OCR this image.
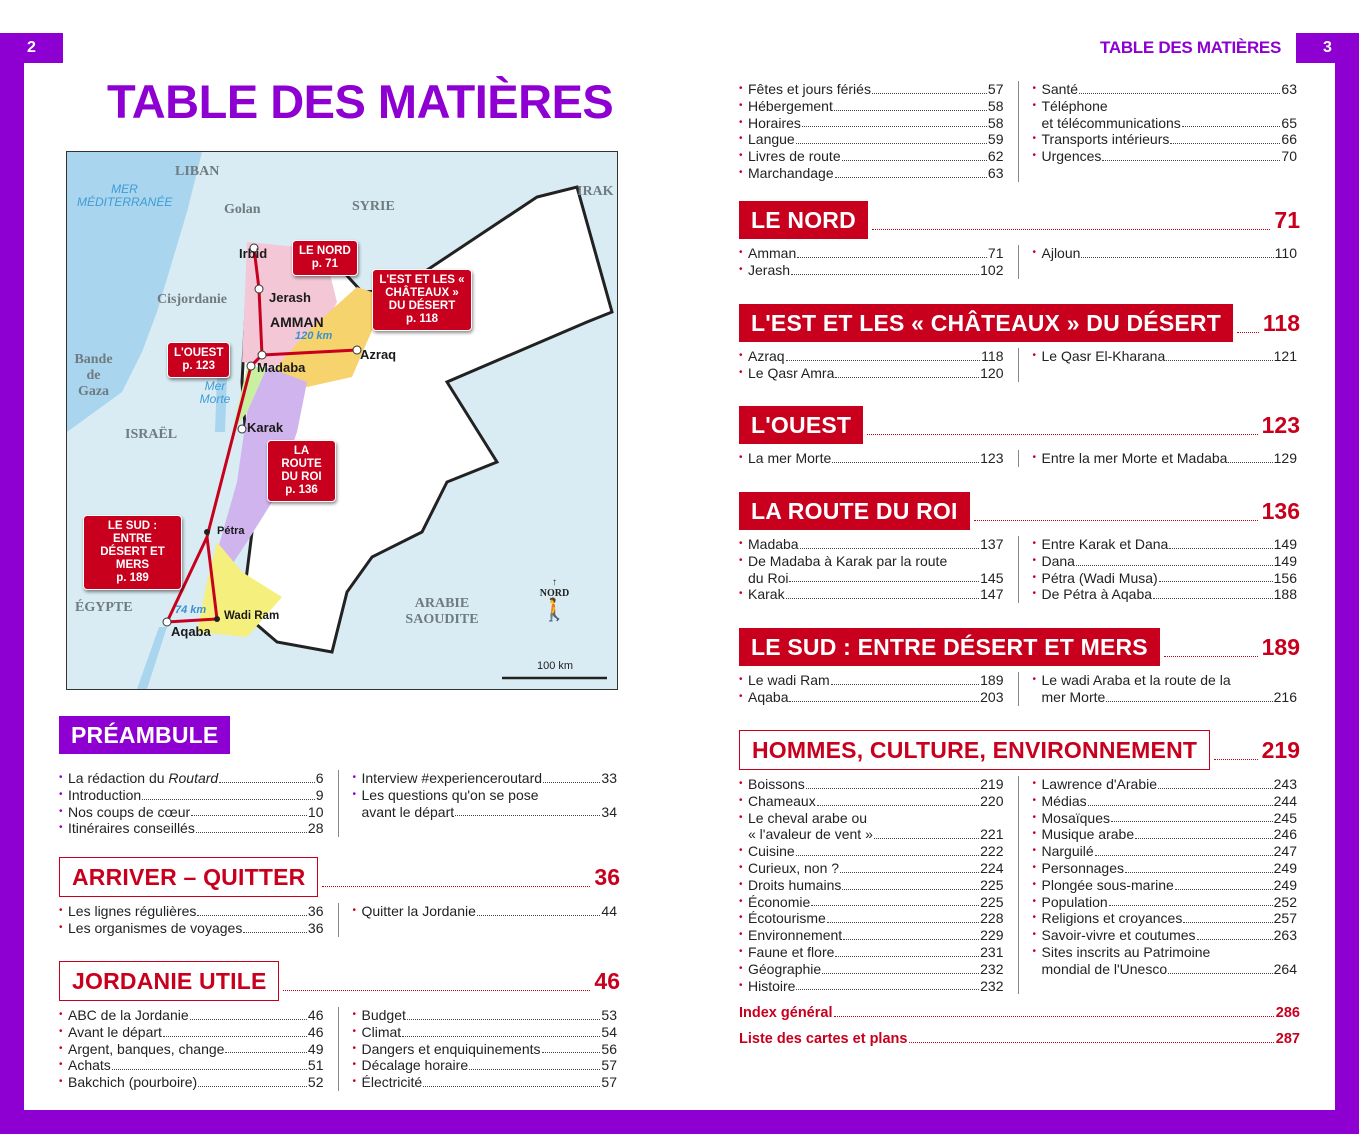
2	3
TABLE DES MATIÈRES
TABLE DES MATIÈRES
LIBAN
SYRIE
IRAK
Golan
Cisjordanie
Bande de Gaza
ISRAËL
ÉGYPTE	ARABIE SAOUDITE
MER MÉDITERRANÉE
Mer Morte
Irbid
Jerash
AMMAN
Azraq
Madaba
Karak
Pétra
Wadi Ram
Aqaba
120 km
74 km
LE NORD
p. 71
L'EST ET LES « CHÂTEAUX » DU DÉSERT
p. 118
L'OUEST
p. 123
LA ROUTE DU ROI
p. 136
LE SUD : ENTRE DÉSERT ET MERS
p. 189	↑
NORD
🚶
100 km
PRÉAMBULE
• La rédaction du Routard	6
• Introduction	9
• Nos coups de cœur	10
• Itinéraires conseillés	28
• Interview #experienceroutard	33
• Les questions qu'on se pose
avant le départ	34
ARRIVER – QUITTER	36
• Les lignes régulières	36
• Les organismes de voyages	36
• Quitter la Jordanie	44
JORDANIE UTILE	46
• ABC de la Jordanie	46
• Avant le départ	46
• Argent, banques, change	49
• Achats	51
• Bakchich (pourboire)	52
• Budget	53
• Climat	54
• Dangers et enquiquinements	56
• Décalage horaire	57
• Électricité	57
• Fêtes et jours fériés	57
• Hébergement	58
• Horaires	58
• Langue	59
• Livres de route	62
• Marchandage	63
• Santé	63
• Téléphone
et télécommunications	65
• Transports intérieurs	66
• Urgences	70
LE NORD	71
• Amman	71
• Jerash	102
• Ajloun	110
L'EST ET LES « CHÂTEAUX » DU DÉSERT	118
• Azraq	118
• Le Qasr Amra	120
• Le Qasr El-Kharana	121
L'OUEST	123
• La mer Morte	123	• Entre la mer Morte et Madaba	129
LA ROUTE DU ROI	136
• Madaba	137
• De Madaba à Karak par la route
du Roi	145
• Karak	147
• Entre Karak et Dana	149
• Dana	149
• Pétra (Wadi Musa)	156
• De Pétra à Aqaba	188
LE SUD : ENTRE DÉSERT ET MERS	189
• Le wadi Ram	189
• Aqaba	203
• Le wadi Araba et la route de la
mer Morte	216
HOMMES, CULTURE, ENVIRONNEMENT	219
• Boissons	219
• Chameaux	220
• Le cheval arabe ou
« l'avaleur de vent »	221
• Cuisine	222
• Curieux, non ?	224
• Droits humains	225
• Économie	225
• Écotourisme	228
• Environnement	229
• Faune et flore	231
• Géographie	232
• Histoire	232
• Lawrence d'Arabie	243
• Médias	244
• Mosaïques	245
• Musique arabe	246
• Narguilé	247
• Personnages	249
• Plongée sous-marine	249
• Population	252
• Religions et croyances	257
• Savoir-vivre et coutumes	263
• Sites inscrits au Patrimoine
mondial de l'Unesco	264
Index général	286
Liste des cartes et plans	287
